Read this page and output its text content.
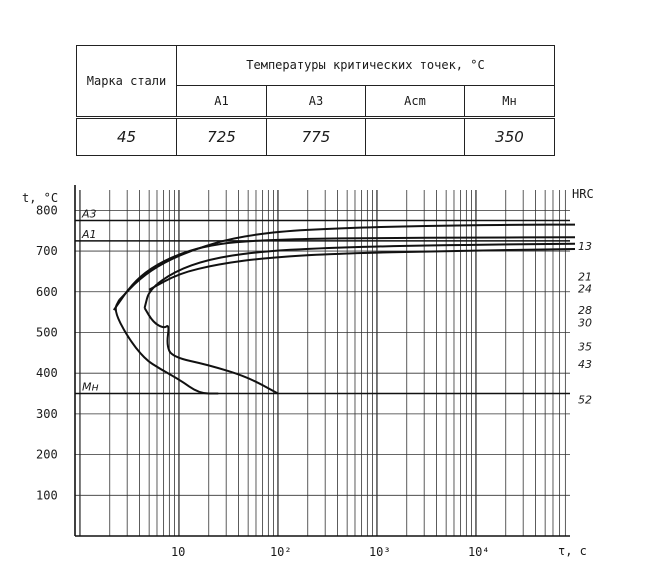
Марка стали	Температуры критических точек, °C			
	A1	A3	Acm	Mн
45	725	775		350
t, °C
τ, c
HRC
100
200
300
400
500
600
700
800
10	10²	10³	10⁴
A3
A1
Mн
13
21
24
28
30
35
43
52
